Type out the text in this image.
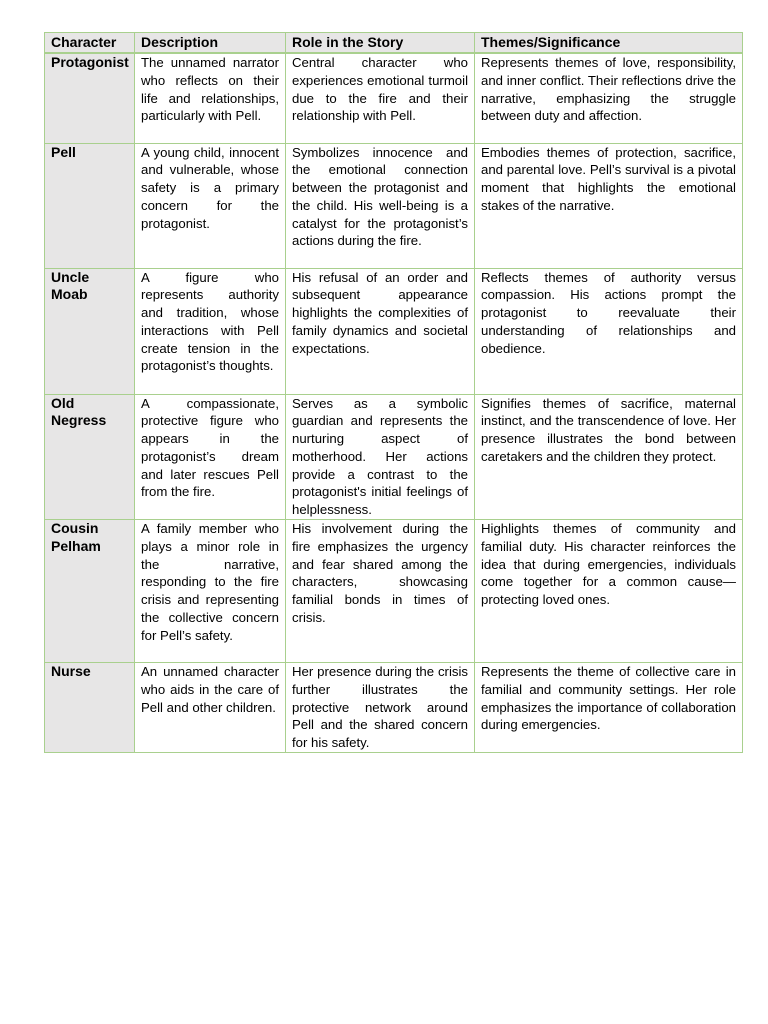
Character	Description	Role in the Story	Themes/Significance
Protagonist	The unnamed narrator who reflects on their life and relationships, particularly with Pell.	Central character who experiences emotional turmoil due to the fire and their relationship with Pell.	Represents themes of love, responsibility, and inner conflict. Their reflections drive the narrative, emphasizing the struggle between duty and affection.
Pell	A young child, innocent and vulnerable, whose safety is a primary concern for the protagonist.	Symbolizes innocence and the emotional connection between the protagonist and the child. His well-being is a catalyst for the protagonist’s actions during the fire.	Embodies themes of protection, sacrifice, and parental love. Pell’s survival is a pivotal moment that highlights the emotional stakes of the narrative.
Uncle Moab	A figure who represents authority and tradition, whose interactions with Pell create tension in the protagonist’s thoughts.	His refusal of an order and subsequent appearance highlights the complexities of family dynamics and societal expectations.	Reflects themes of authority versus compassion. His actions prompt the protagonist to reevaluate their understanding of relationships and obedience.
Old Negress	A compassionate, protective figure who appears in the protagonist’s dream and later rescues Pell from the fire.	Serves as a symbolic guardian and represents the nurturing aspect of motherhood. Her actions provide a contrast to the protagonist's initial feelings of helplessness.	Signifies themes of sacrifice, maternal instinct, and the transcendence of love. Her presence illustrates the bond between caretakers and the children they protect.
Cousin Pelham	A family member who plays a minor role in the narrative, responding to the fire crisis and representing the collective concern for Pell’s safety.	His involvement during the fire emphasizes the urgency and fear shared among the characters, showcasing familial bonds in times of crisis.	Highlights themes of community and familial duty. His character reinforces the idea that during emergencies, individuals come together for a common cause—protecting loved ones.
Nurse	An unnamed character who aids in the care of Pell and other children.	Her presence during the crisis further illustrates the protective network around Pell and the shared concern for his safety.	Represents the theme of collective care in familial and community settings. Her role emphasizes the importance of collaboration during emergencies.
